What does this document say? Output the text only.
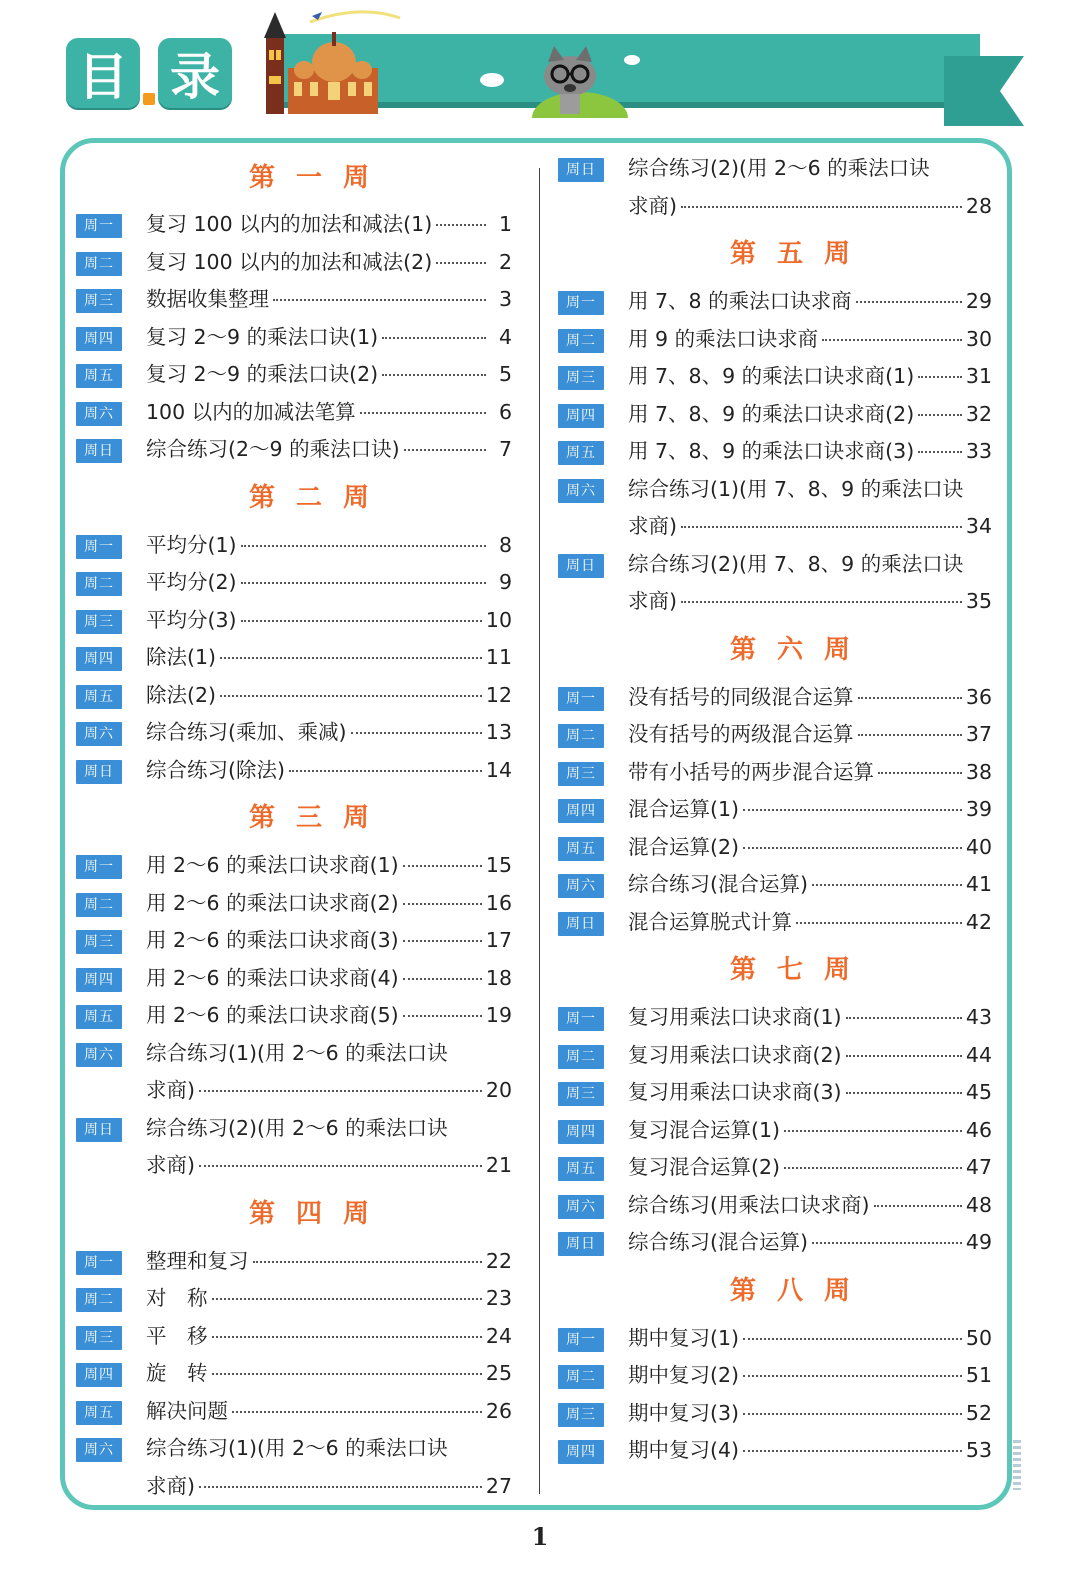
目 录
第 一 周
周一	复习 100 以内的加法和减法(1)	1
周二	复习 100 以内的加法和减法(2)	2
周三	数据收集整理	3
周四	复习 2～9 的乘法口诀(1)	4
周五	复习 2～9 的乘法口诀(2)	5
周六	100 以内的加减法笔算	6
周日	综合练习(2～9 的乘法口诀)	7
第 二 周
周一	平均分(1)	8
周二	平均分(2)	9
周三	平均分(3)	10
周四	除法(1)	11
周五	除法(2)	12
周六	综合练习(乘加、乘减)	13
周日	综合练习(除法)	14
第 三 周
周一	用 2～6 的乘法口诀求商(1)	15
周二	用 2～6 的乘法口诀求商(2)	16
周三	用 2～6 的乘法口诀求商(3)	17
周四	用 2～6 的乘法口诀求商(4)	18
周五	用 2～6 的乘法口诀求商(5)	19
周六	综合练习(1)(用 2～6 的乘法口诀
求商)	20
周日	综合练习(2)(用 2～6 的乘法口诀
求商)	21
第 四 周
周一	整理和复习	22
周二	对　称	23
周三	平　移	24
周四	旋　转	25
周五	解决问题	26
周六	综合练习(1)(用 2～6 的乘法口诀
求商)	27
周日	综合练习(2)(用 2～6 的乘法口诀
求商)	28
第 五 周
周一	用 7、8 的乘法口诀求商	29
周二	用 9 的乘法口诀求商	30
周三	用 7、8、9 的乘法口诀求商(1)	31
周四	用 7、8、9 的乘法口诀求商(2)	32
周五	用 7、8、9 的乘法口诀求商(3)	33
周六	综合练习(1)(用 7、8、9 的乘法口诀
求商)	34
周日	综合练习(2)(用 7、8、9 的乘法口诀
求商)	35
第 六 周
周一	没有括号的同级混合运算	36
周二	没有括号的两级混合运算	37
周三	带有小括号的两步混合运算	38
周四	混合运算(1)	39
周五	混合运算(2)	40
周六	综合练习(混合运算)	41
周日	混合运算脱式计算	42
第 七 周
周一	复习用乘法口诀求商(1)	43
周二	复习用乘法口诀求商(2)	44
周三	复习用乘法口诀求商(3)	45
周四	复习混合运算(1)	46
周五	复习混合运算(2)	47
周六	综合练习(用乘法口诀求商)	48
周日	综合练习(混合运算)	49
第 八 周
周一	期中复习(1)	50
周二	期中复习(2)	51
周三	期中复习(3)	52
周四	期中复习(4)	53
1
